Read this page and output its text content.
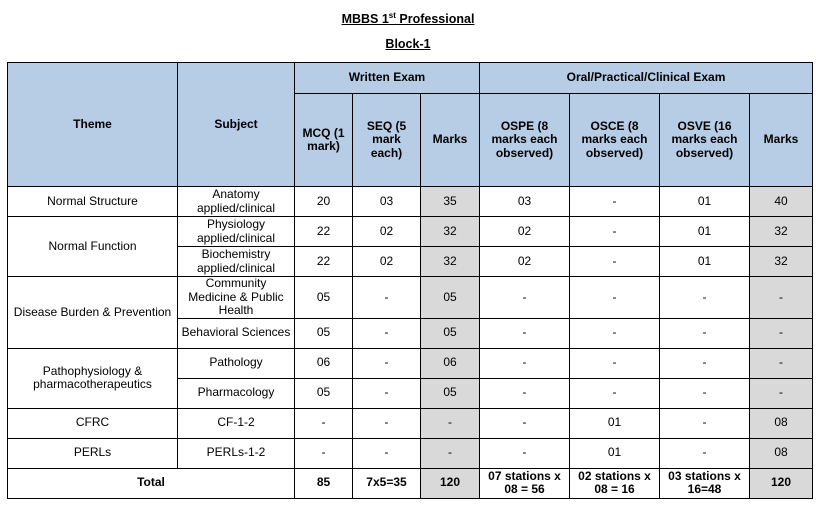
MBBS 1st Professional
Block-1
Theme	Subject	Written Exam			Oral/Practical/Clinical Exam			
		MCQ (1 mark)	SEQ (5 mark each)	Marks	OSPE (8 marks each observed)	OSCE (8 marks each observed)	OSVE (16 marks each observed)	Marks
Normal Structure	Anatomy applied/clinical	20	03	35	03	-	01	40
Normal Function	Physiology applied/clinical	22	02	32	02	-	01	32
	Biochemistry applied/clinical	22	02	32	02	-	01	32
Disease Burden & Prevention	Community Medicine & Public Health	05	-	05	-	-	-	-
	Behavioral Sciences	05	-	05	-	-	-	-
Pathophysiology & pharmacotherapeutics	Pathology	06	-	06	-	-	-	-
	Pharmacology	05	-	05	-	-	-	-
CFRC	CF-1-2	-	-	-	-	01	-	08
PERLs	PERLs-1-2	-	-	-	-	01	-	08
Total		85	7x5=35	120	07 stations x 08 = 56	02 stations x 08 = 16	03 stations x 16=48	120
